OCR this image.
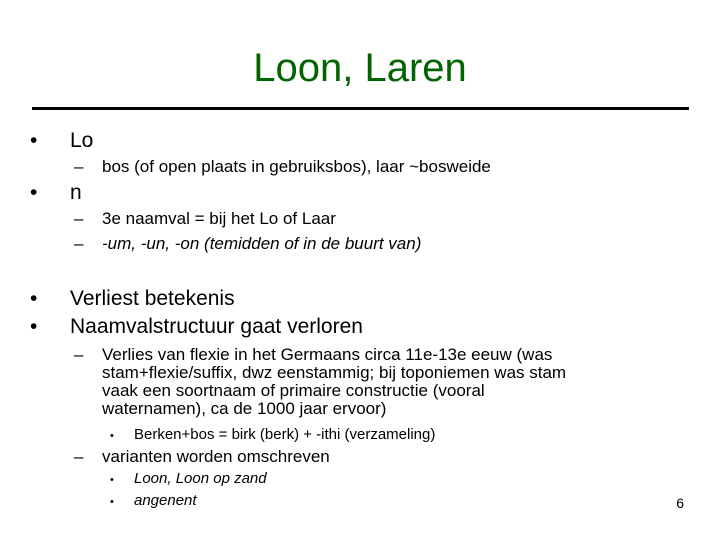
Loon, Laren
• Lo
– bos (of open plaats in gebruiksbos), laar ~bosweide
• n
– 3e naamval = bij het Lo of Laar
– -um, -un, -on (temidden of in de buurt van)
• Verliest betekenis
• Naamvalstructuur gaat verloren
– Verlies van flexie in het Germaans circa 11e-13e eeuw (was
stam+flexie/suffix, dwz eenstammig; bij toponiemen was stam
vaak een soortnaam of primaire constructie (vooral
waternamen), ca de 1000 jaar ervoor)
• Berken+bos = birk (berk) + -ithi (verzameling)
– varianten worden omschreven
• Loon, Loon op zand
• angenent	6
